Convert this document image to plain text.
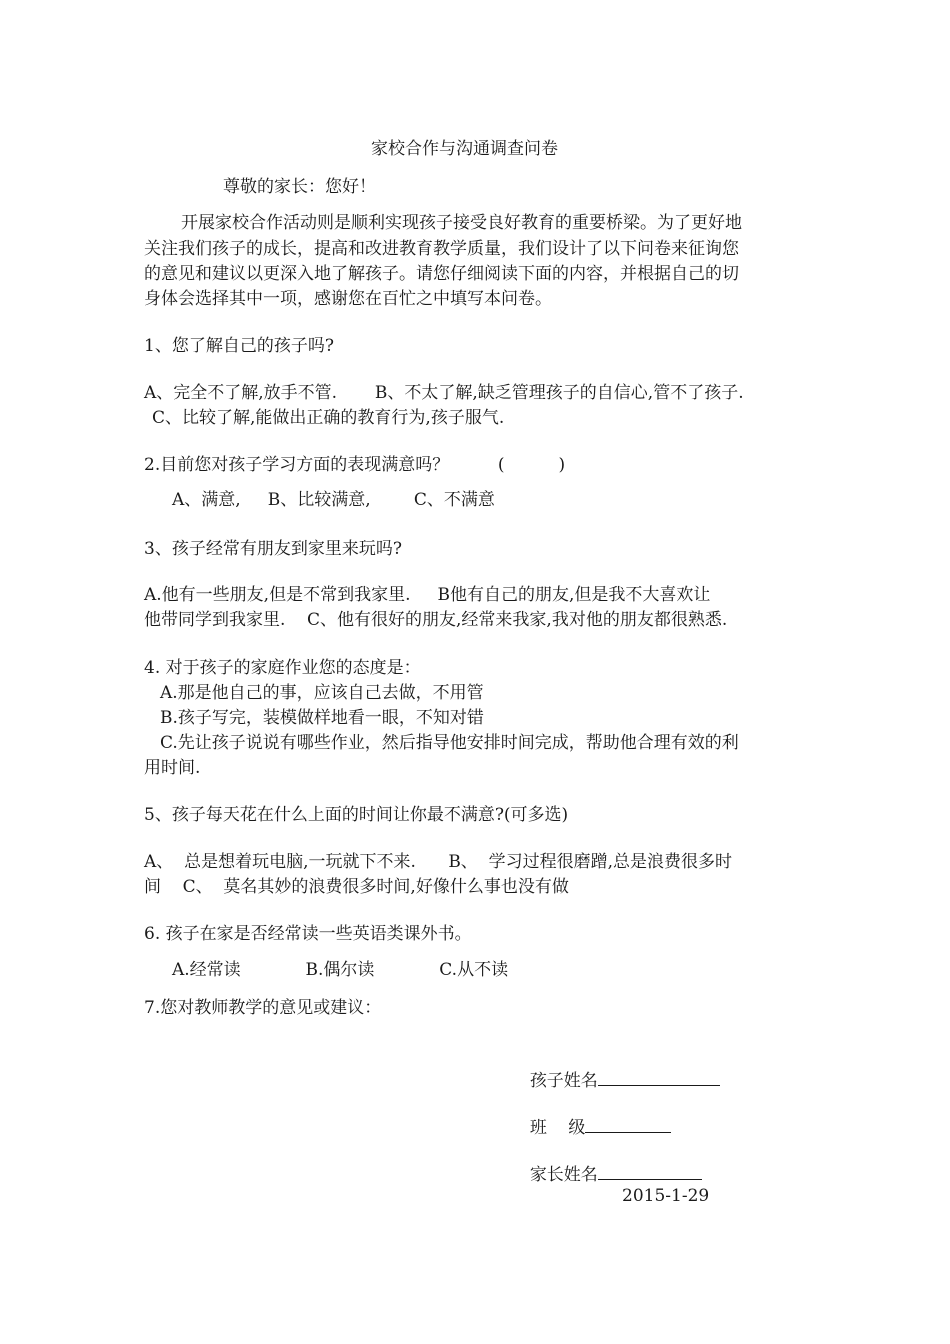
家校合作与沟通调查问卷
尊敬的家长：您好！
开展家校合作活动则是顺利实现孩子接受良好教育的重要桥梁。为了更好地
关注我们孩子的成长，提高和改进教育教学质量，我们设计了以下问卷来征询您
的意见和建议以更深入地了解孩子。请您仔细阅读下面的内容，并根据自己的切
身体会选择其中一项，感谢您在百忙之中填写本问卷。
1、您了解自己的孩子吗?
A、完全不了解,放手不管.       B、不太了解,缺乏管理孩子的自信心,管不了孩子.
C、比较了解,能做出正确的教育行为,孩子服气.
2.目前您对孩子学习方面的表现满意吗？         (          )
A、满意,     B、比较满意,        C、不满意
3、孩子经常有朋友到家里来玩吗?
A.他有一些朋友,但是不常到我家里.     B他有自己的朋友,但是我不大喜欢让
他带同学到我家里.    C、他有很好的朋友,经常来我家,我对他的朋友都很熟悉.
4. 对于孩子的家庭作业您的态度是：
A.那是他自己的事，应该自己去做，不用管
B.孩子写完，装模做样地看一眼，不知对错
C.先让孩子说说有哪些作业，然后指导他安排时间完成，帮助他合理有效的利
用时间.
5、孩子每天花在什么上面的时间让你最不满意?(可多选)
A、  总是想着玩电脑,一玩就下不来.      B、  学习过程很磨蹭,总是浪费很多时
间    C、  莫名其妙的浪费很多时间,好像什么事也没有做
6. 孩子在家是否经常读一些英语类课外书。
A.经常读            B.偶尔读            C.从不读
7.您对教师教学的意见或建议：

孩子姓名

班    级

家长姓名

2015-1-29
